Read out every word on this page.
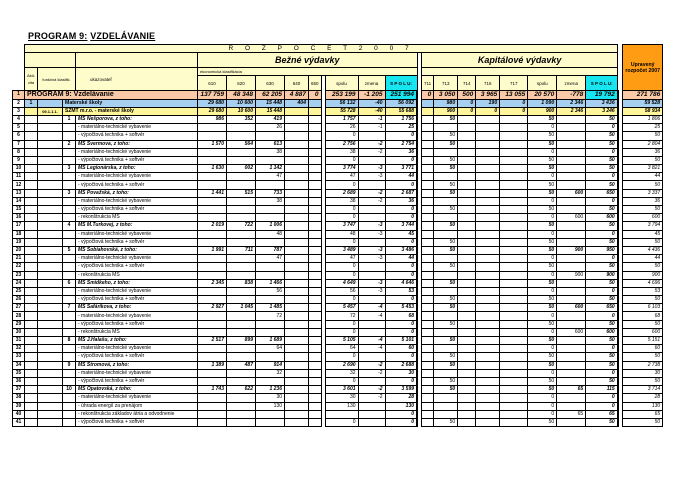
PROGRAM 9: VZDELÁVANIE
	R O Z P O Č E T 2 0 0 7																							Upravený rozpočet 2007
					Bežné výdavky										Kapitálové výdavky									
	Akti-vita	funkčná klasifik.		ukazovateľ	ekonomická klasifikácia																			
					610	620	630	640	650		spolu	zmena	S P O L U:		711	713	714	716	717	spolu	zmena	S P O L U:		
1	PROGRAM 9: Vzdelávanie				137 759	48 348	62 205	4 887	0		253 199	-1 205	251 994		0	3 050	500	3 965	13 055	20 570	-778	19 792		271 786
2	1		Materské školy		29 680	10 600	15 448	404			56 132	-40	56 092			980	0	190	0	1 090	2 346	3 436		59 528
3		09.1.1.1.	ŠZMT m.r.o. - materské školy		29 680	10 600	15 448				55 728	-40	55 688			900	0	0	0	900	2 346	3 246		58 934
4			1	MŠ Nešporova, z toho:	986	352	419				1 757	-1	1 756			50				50		50		1 806
5				- materiálno-technické vybavenie			26				26	-1	25							0		0		25
6				- výpočtová technika + softvér							0		0			50				50		50		50
7			2	MŠ Švermova, z toho:	1 570	564	613				2 756	-2	2 754			50				50		50		2 804
8				- materiálno-technické vybavenie			38				38	-2	36							0		0		36
9				- výpočtová technika + softvér							0		0			50				50		50		50
10			3	MŠ Legionárska, z toho:	1 630	002	1 142				3 774	-3	3 771			50				50		50		3 821
11				- materiálno-technické vybavenie			47				47	-3	44							0		0		44
12				- výpočtová technika + softvér							0		0			50				50		50		50
13			3	MŠ Považská, z toho:	1 441	515	733				2 689	-2	2 687			50				50	600	650		3 337
14				- materiálno-technické vybavenie			38				38	-2	36							0		0		36
15				- výpočtová technika + softvér							0		0			50				50		50		50
16				- rekonštrukcia MŠ							0		0							0	600	600		600
17			4	MŠ M.Turkovej, z toho:	2 019	722	1 006				3 747	-3	3 744			50				50		50		3 794
18				- materiálno-technické vybavenie			48				48	-3	45							0		0		45
19				- výpočtová technika + softvér							0		0			50				50		50		50
20			5	MŠ Sobiahovská, z toho:	1 991	711	787				3 489	-3	3 486			50				50	900	950		4 436
21				- materiálno-technické vybavenie			47				47	-3	44							0		0		44
22				- výpočtová technika + softvér							0		0			50				50		50		50
23				- rekonštrukcia MŠ							0		0							0	900	900		900
24			6	MŠ Šmidkeho, z toho:	2 345	838	1 466				4 649	-3	4 646			50				50		50		4 696
25				- materiálno-technické vybavenie			56				56	-3	53							0		0		53
26				- výpočtová technika + softvér							0		0			50				50		50		50
27			7	MŠ Šafárikova, z toho:	2 927	1 045	1 485				5 457	-4	5 453			50				50	600	650		6 103
28				- materiálno-technické vybavenie			72				72	-4	68							0		0		68
29				- výpočtová technika + softvér							0		0			50				50		50		50
30				- rekonštrukcia MŠ							0		0							0	600	600		600
31			8	MŠ J.Halašu, z toho:	2 517	899	1 689				5 105	-4	5 101			50				50		50		5 151
32				- materiálno-technické vybavenie			64				64	-4	60							0		0		60
33				- výpočtová technika + softvér							0		0			50				50		50		50
34			9	MŠ Stromová, z toho:	1 389	487	914				2 690	-2	2 688			50				50		50		2 738
35				- materiálno-technické vybavenie			32				32	-2	30							0		0		30
36				- výpočtová technika + softvér							0		0			50				50		50		50
37			10	MŠ Opatovská, z toho:	1 743	622	1 236				3 601	-2	3 599			50				50	65	115		3 714
38				- materiálno-technické vybavenie			30				30	-2	28							0		0		28
39				- úhrada energií za prenájom			130				130		130							0		0		130
40				- rekonštrukcia základov átria a odvodnenie									0							0	65	65		65
41				- výpočtová technika + softvér							0		0			50				50		50		50
